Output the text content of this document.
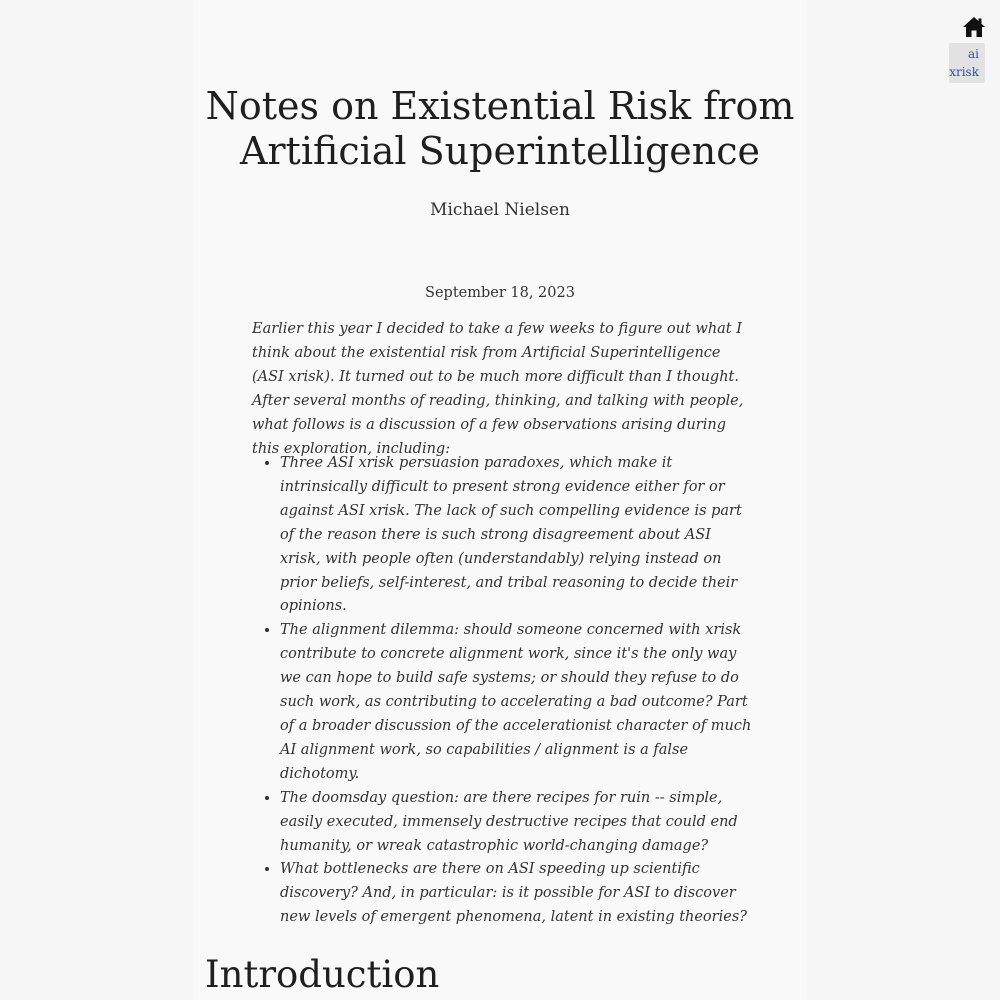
ai
xrisk
Notes on Existential Risk from
Artificial Superintelligence
Michael Nielsen
September 18, 2023

Earlier this year I decided to take a few weeks to figure out what I think about the existential risk from Artificial Superintelligence (ASI xrisk). It turned out to be much more difficult than I thought. After several months of reading, thinking, and talking with people, what follows is a discussion of a few observations arising during this exploration, including:

• Three ASI xrisk persuasion paradoxes, which make it intrinsically difficult to present strong evidence either for or against ASI xrisk. The lack of such compelling evidence is part of the reason there is such strong disagreement about ASI xrisk, with people often (understandably) relying instead on prior beliefs, self-interest, and tribal reasoning to decide their opinions.
• The alignment dilemma: should someone concerned with xrisk contribute to concrete alignment work, since it's the only way we can hope to build safe systems; or should they refuse to do such work, as contributing to accelerating a bad outcome? Part of a broader discussion of the accelerationist character of much AI alignment work, so capabilities / alignment is a false dichotomy.
• The doomsday question: are there recipes for ruin -- simple, easily executed, immensely destructive recipes that could end humanity, or wreak catastrophic world-changing damage?
• What bottlenecks are there on ASI speeding up scientific discovery? And, in particular: is it possible for ASI to discover new levels of emergent phenomena, latent in existing theories?
Introduction
